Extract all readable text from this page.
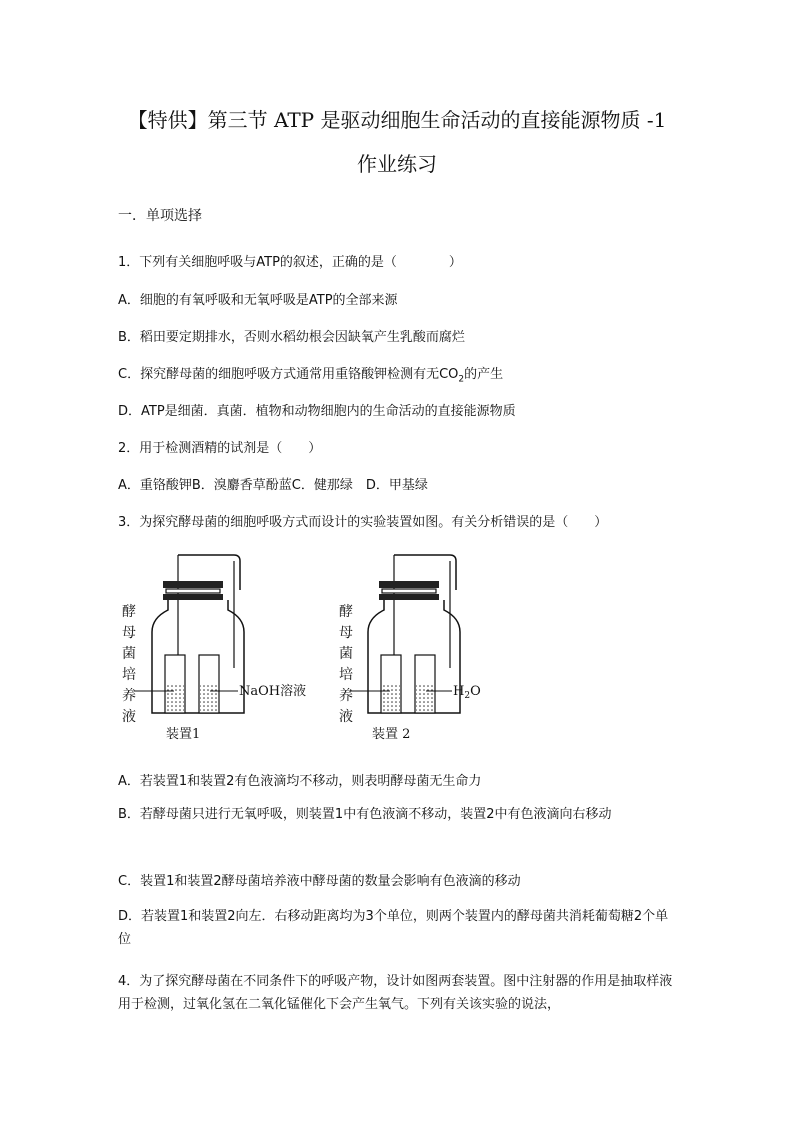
【特供】第三节 ATP 是驱动细胞生命活动的直接能源物质 -1
作业练习
一．单项选择
1．下列有关细胞呼吸与ATP的叙述，正确的是（　　　　）
A．细胞的有氧呼吸和无氧呼吸是ATP的全部来源
B．稻田要定期排水，否则水稻幼根会因缺氧产生乳酸而腐烂
C．探究酵母菌的细胞呼吸方式通常用重铬酸钾检测有无$CO_2$的产生
D．ATP是细菌．真菌．植物和动物细胞内的生命活动的直接能源物质
2．用于检测酒精的试剂是（　　）
A．重铬酸钾B．溴麝香草酚蓝C．健那绿　D．甲基绿
3．为探究酵母菌的细胞呼吸方式而设计的实验装置如图。有关分析错误的是（　　）
NaOH溶液
装置1
酵
母
菌
培
养
液
$H_2O$
装置 2
酵
母
菌
培
养
液
A．若装置1和装置2有色液滴均不移动，则表明酵母菌无生命力
B．若酵母菌只进行无氧呼吸，则装置1中有色液滴不移动，装置2中有色液滴向右移动
C．装置1和装置2酵母菌培养液中酵母菌的数量会影响有色液滴的移动
D．若装置1和装置2向左．右移动距离均为3个单位，则两个装置内的酵母菌共消耗葡萄糖2个单位
4．为了探究酵母菌在不同条件下的呼吸产物，设计如图两套装置。图中注射器的作用是抽取样液用于检测，过氧化氢在二氧化锰催化下会产生氧气。下列有关该实验的说法，
